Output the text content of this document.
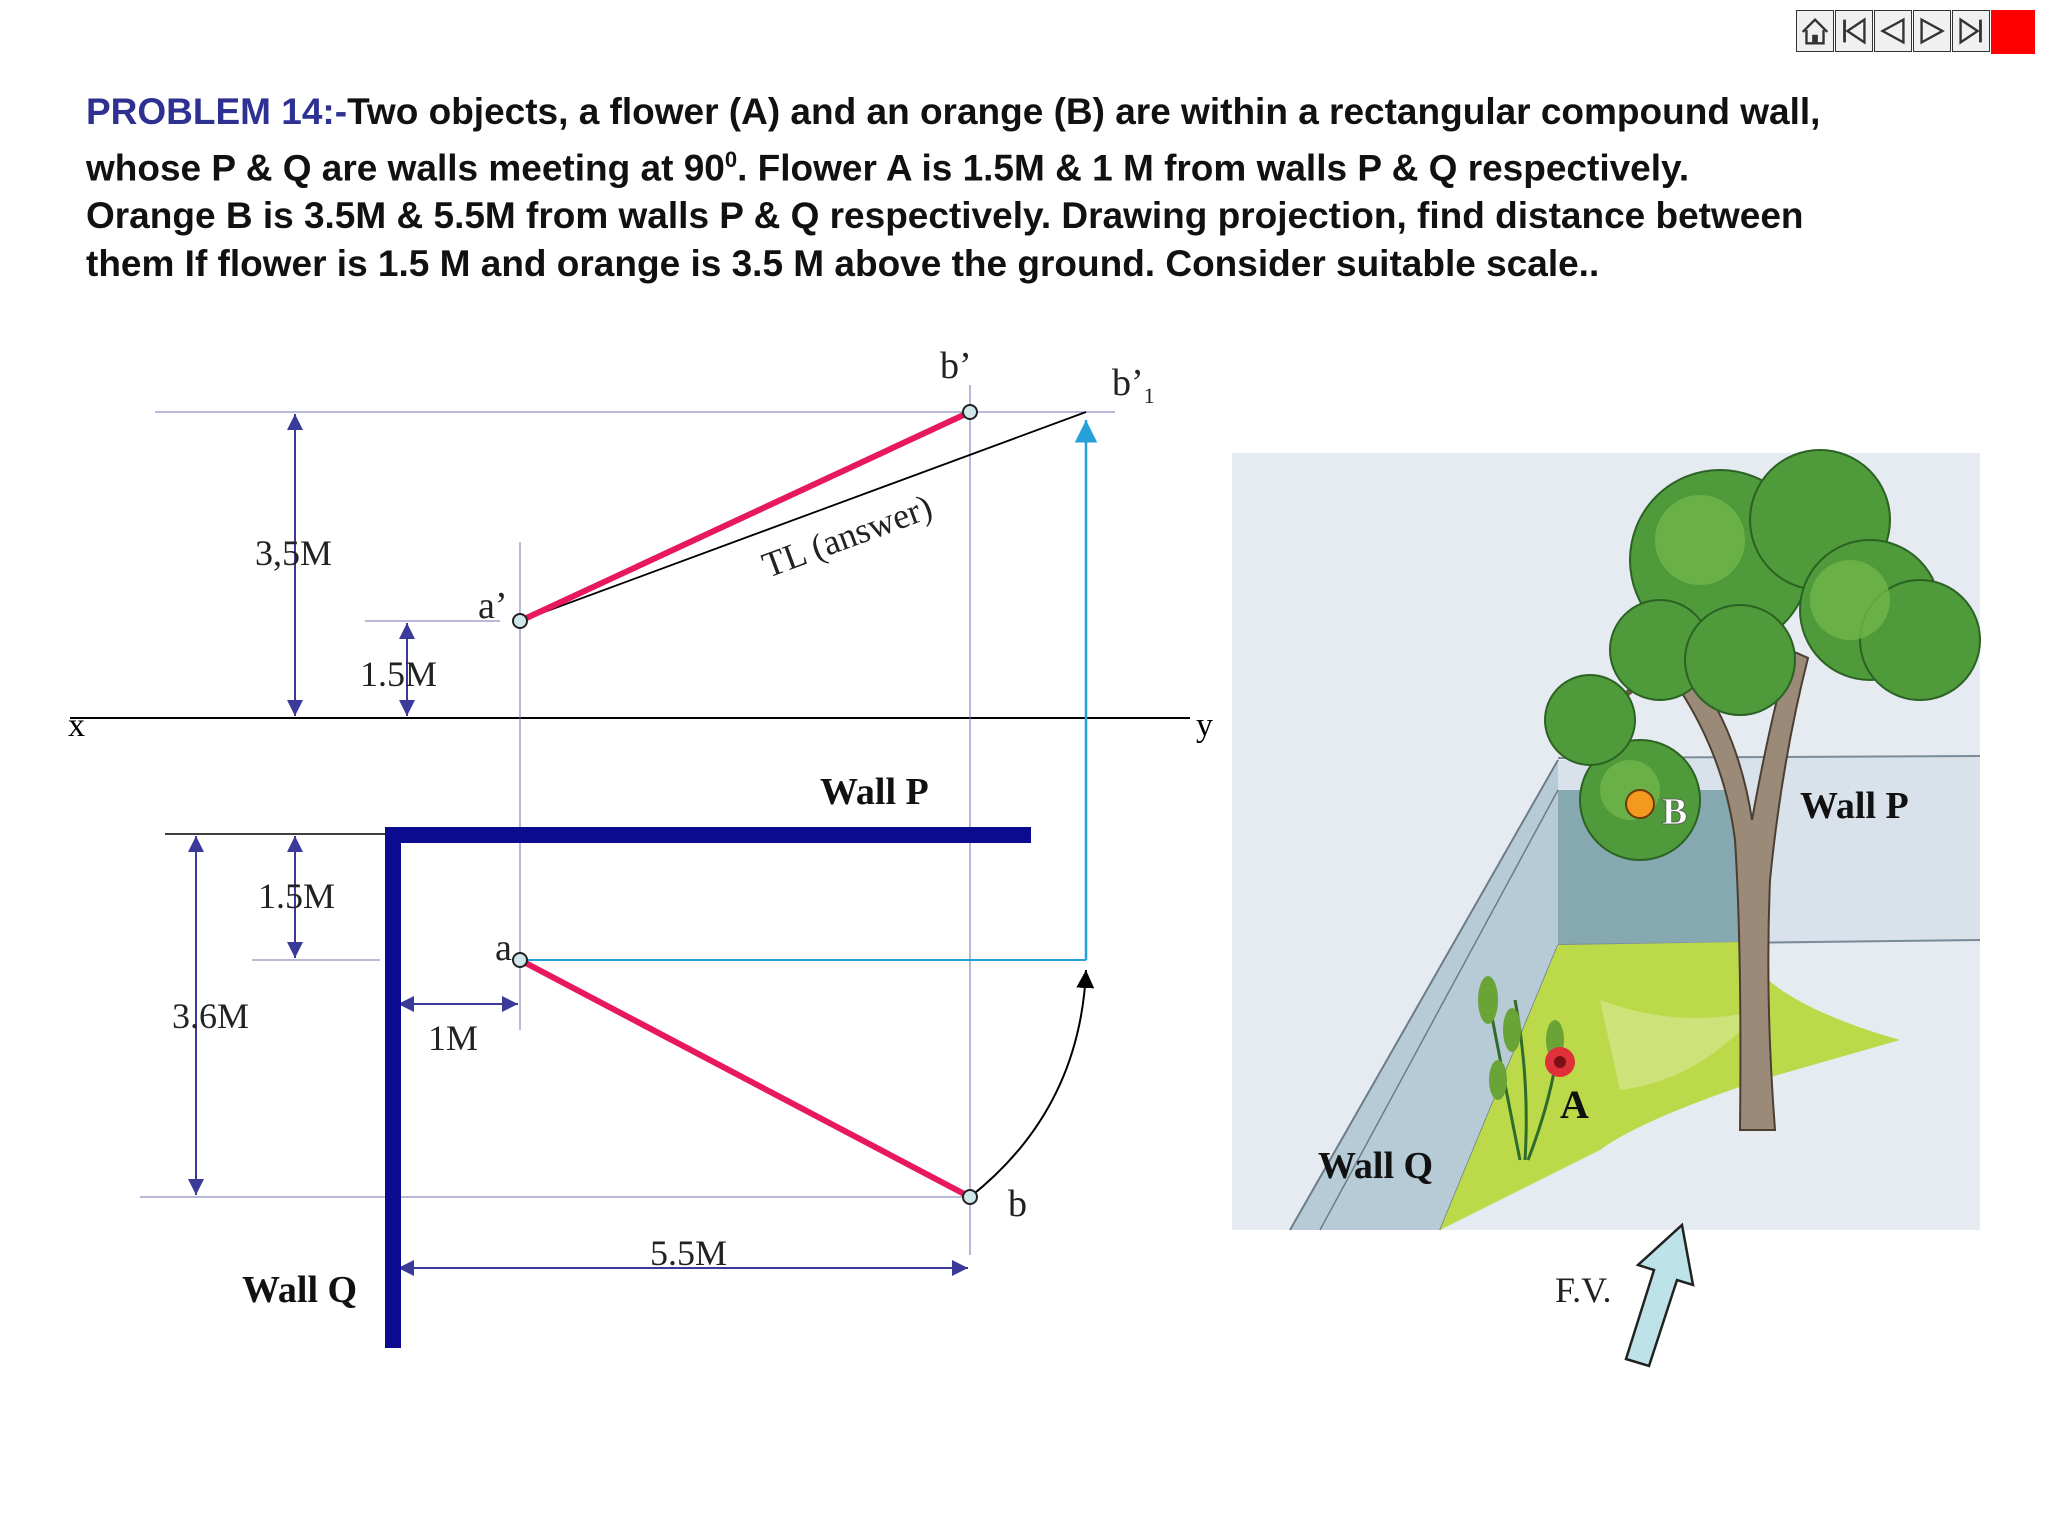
PROBLEM 14:-Two objects, a flower (A) and an orange (B) are within a rectangular compound wall,
whose P & Q are walls meeting at $90^0$. Flower A is 1.5M & 1 M from walls P & Q respectively.
Orange B is 3.5M & 5.5M from walls P & Q respectively. Drawing projection, find distance between
them If flower is 1.5 M and orange is 3.5 M above the ground. Consider suitable scale..

x	y
3,5M
1.5M
1.5M
3.6M
1M
5.5M
Wall P
Wall Q
TL (answer)
a’
b’	$b’_1$
a
b
B
A
Wall P
Wall Q
F.V.
